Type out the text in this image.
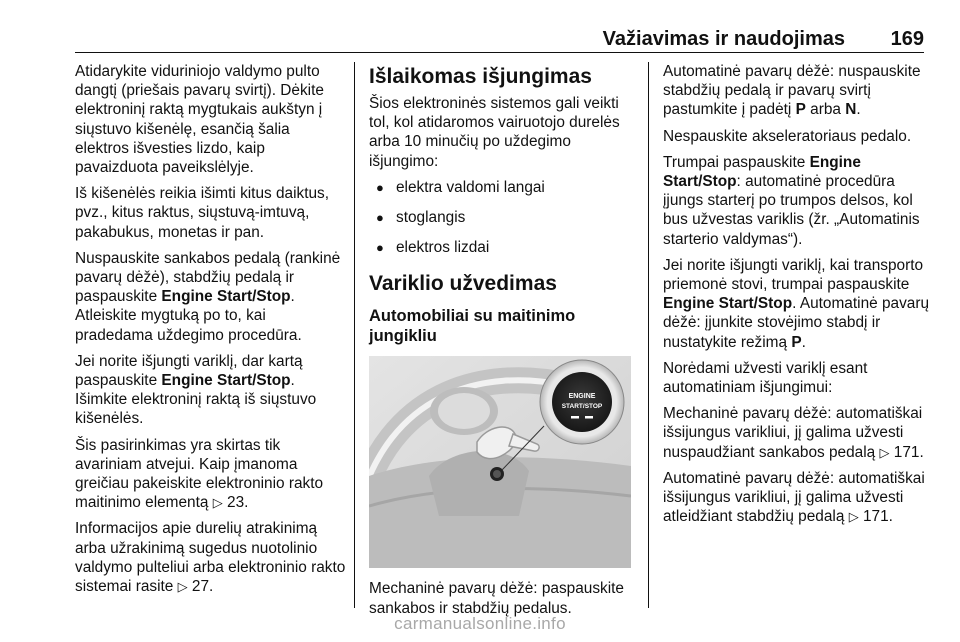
Važiavimas ir naudojimas 169

Atidarykite viduriniojo valdymo pulto dangtį (priešais pavarų svirtį). Dėkite elektroninį raktą mygtukais aukštyn į siųstuvo kišenėlę, esančią šalia elektros išvesties lizdo, kaip pavaizduota paveikslėlyje.

Iš kišenėlės reikia išimti kitus daiktus, pvz., kitus raktus, siųstuvą-imtuvą, pakabukus, monetas ir pan.

Nuspauskite sankabos pedalą (rankinė pavarų dėžė), stabdžių pedalą ir paspauskite Engine Start/Stop. Atleiskite mygtuką po to, kai pradedama uždegimo procedūra.

Jei norite išjungti variklį, dar kartą paspauskite Engine Start/Stop. Išimkite elektroninį raktą iš siųstuvo kišenėlės.

Šis pasirinkimas yra skirtas tik avariniam atvejui. Kaip įmanoma greičiau pakeiskite elektroninio rakto maitinimo elementą ▷ 23.

Informacijos apie durelių atrakinimą arba užrakinimą sugedus nuotolinio valdymo pulteliui arba elektroninio rakto sistemai rasite ▷ 27.

Išlaikomas išjungimas

Šios elektroninės sistemos gali veikti tol, kol atidaromos vairuotojo durelės arba 10 minučių po uždegimo išjungimo:

● elektra valdomi langai
● stoglangis
● elektros lizdai
Variklio užvedimas
Automobiliai su maitinimo jungikliu
ENGINE
START/STOP

Mechaninė pavarų dėžė: paspauskite sankabos ir stabdžių pedalus.

Automatinė pavarų dėžė: nuspauskite stabdžių pedalą ir pavarų svirtį pastumkite į padėtį P arba N.

Nespauskite akseleratoriaus pedalo.

Trumpai paspauskite Engine Start/Stop: automatinė procedūra įjungs starterį po trumpos delsos, kol bus užvestas variklis (žr. „Automatinis starterio valdymas“).

Jei norite išjungti variklį, kai transporto priemonė stovi, trumpai paspauskite Engine Start/Stop. Automatinė pavarų dėžė: įjunkite stovėjimo stabdį ir nustatykite režimą P.

Norėdami užvesti variklį esant automatiniam išjungimui:

Mechaninė pavarų dėžė: automatiškai išsijungus varikliui, jį galima užvesti nuspaudžiant sankabos pedalą ▷ 171.

Automatinė pavarų dėžė: automatiškai išsijungus varikliui, jį galima užvesti atleidžiant stabdžių pedalą ▷ 171.

carmanualsonline.info
